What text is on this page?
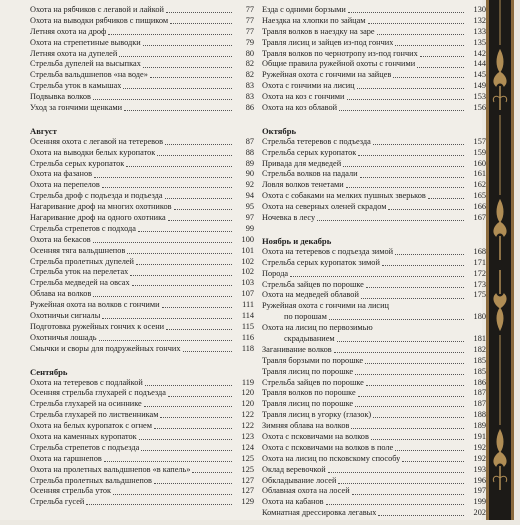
Охота на рябчиков с легавой и лайкой	77
Охота на выводки рябчиков с пищиком	77
Летняя охота на дроф	77
Охота на стрепетиные выводки	79
Летняя охота на дупелей	80
Стрельба дупелей на высыпках	82
Стрельба вальдшнепов «на воде»	82
Стрельба уток в камышах	83
Подвывка волков	83
Уход за гончими щенками	86
Август
Осенняя охота с легавой на тетеревов	87
Охота на выводки белых куропаток	88
Стрельба серых куропаток	89
Охота на фазанов	90
Охота на перепелов	92
Стрельба дроф с подъезда и подъезда	94
Нагаривание дроф на многих охотников	95
Нагаривание дроф на одного охотника	97
Стрельба стрепетов с подхода	99
Охота на бекасов	100
Осенняя тяга вальдшнепов	101
Стрельба пролетных дупелей	102
Стрельба уток на перелетах	102
Стрельба медведей на овсах	103
Облава на волков	107
Ружейная охота на волков с гончими	111
Охотничьи сигналы	114
Подготовка ружейных гончих к осени	115
Охотничья лошадь	116
Смычки и своры для подружейных гончих	118
Сентябрь
Охота на тетеревов с подлайкой	119
Осенняя стрельба глухарей с подъезда	120
Стрельба глухарей на осиннике	120
Стрельба глухарей по лиственникам	122
Охота на белых куропаток с огнем	122
Охота на каменных куропаток	123
Стрельба стрепетов с подъезда	124
Охота на гаршнепов	125
Охота на пролетных вальдшнепов «в капель»	125
Стрельба пролетных вальдшнепов	127
Осенняя стрельба уток	127
Стрельба гусей	129
Езда с одними борзыми	130
Наездка на хлопки по зайцам	132
Травля волков в наездку на заре	133
Травля лисиц и зайцев из-под гончих	135
Травля волков по чернотропу из-под гончих	142
Общие правила ружейной охоты с гончими	144
Ружейная охота с гончими на зайцев	145
Охота с гончими на лисиц	149
Охота на коз с гончими	153
Охота на коз облавой	156
Октябрь
Стрельба тетеревов с подъезда	157
Стрельба серых куропаток	159
Привада для медведей	160
Стрельба волков на падали	161
Ловля волков тенетами	162
Охота с собаками на мелких пушных зверьков	165
Охота на северных оленей скрадом	166
Ночевка в лесу	167
Ноябрь и декабрь
Охота на тетеревов с подъезда зимой	168
Стрельба серых куропаток зимой	171
Порода	172
Стрельба зайцев по порошке	173
Охота на медведей облавой	175
Ружейная охота с гончими на лисиц
по порошам	180
Охота на лисиц по первозимью
скрадыванием	181
Заганивание волков	182
Травля борзыми по порошке	185
Травля лисиц по порошке	185
Стрельба зайцев по порошке	186
Травля волков по порошке	187
Травля лисиц по порошке	187
Травля лисиц в угорку (глазок)	188
Зимняя облава на волков	189
Охота с псковичами на волков	191
Охота с псковичами на волков в поле	192
Охота на лисиц по псковскому способу	192
Оклад веревочкой	193
Обкладывание лосей	196
Облавная охота на лосей	197
Охота на кабанов	199
Комнатная дрессировка легавых	202
